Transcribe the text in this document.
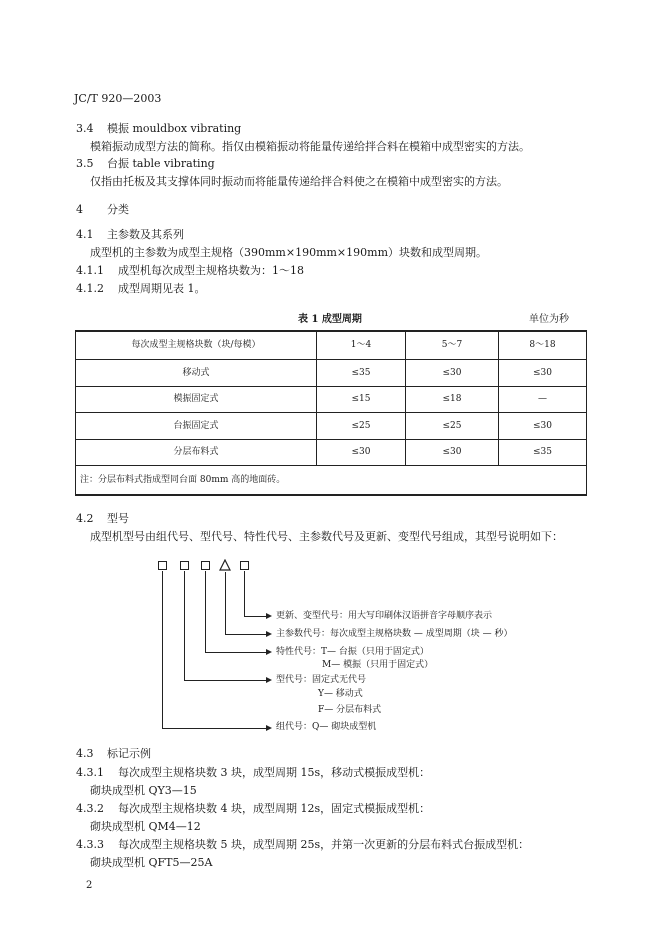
JC/T 920—2003
3.4 模振 mouldbox vibrating
模箱振动成型方法的简称。指仅由模箱振动将能量传递给拌合料在模箱中成型密实的方法。
3.5 台振 table vibrating
仅指由托板及其支撑体同时振动而将能量传递给拌合料使之在模箱中成型密实的方法。
4 分类
4.1 主参数及其系列
成型机的主参数为成型主规格（390mm×190mm×190mm）块数和成型周期。
4.1.1 成型机每次成型主规格块数为：1～18
4.1.2 成型周期见表 1。
表 1 成型周期	单位为秒
每次成型主规格块数（块/每模）	1～4	5～7	8～18
移动式	≤35	≤30	≤30
模振固定式	≤15	≤18	—
台振固定式	≤25	≤25	≤30
分层布料式	≤30	≤30	≤35
注：分层布料式指成型同台面 80mm 高的地面砖。
4.2 型号
成型机型号由组代号、型代号、特性代号、主参数代号及更新、变型代号组成，其型号说明如下：
更新、变型代号：用大写印刷体汉语拼音字母顺序表示
主参数代号：每次成型主规格块数 — 成型周期（块 — 秒）
特性代号：T— 台振（只用于固定式）
M— 模振（只用于固定式）
型代号：固定式无代号
Y— 移动式
F— 分层布料式
组代号：Q— 砌块成型机
4.3 标记示例
4.3.1 每次成型主规格块数 3 块，成型周期 15s，移动式模振成型机：
砌块成型机 QY3—15
4.3.2 每次成型主规格块数 4 块，成型周期 12s，固定式模振成型机：
砌块成型机 QM4—12
4.3.3 每次成型主规格块数 5 块，成型周期 25s，并第一次更新的分层布料式台振成型机：
砌块成型机 QFT5—25A
2
